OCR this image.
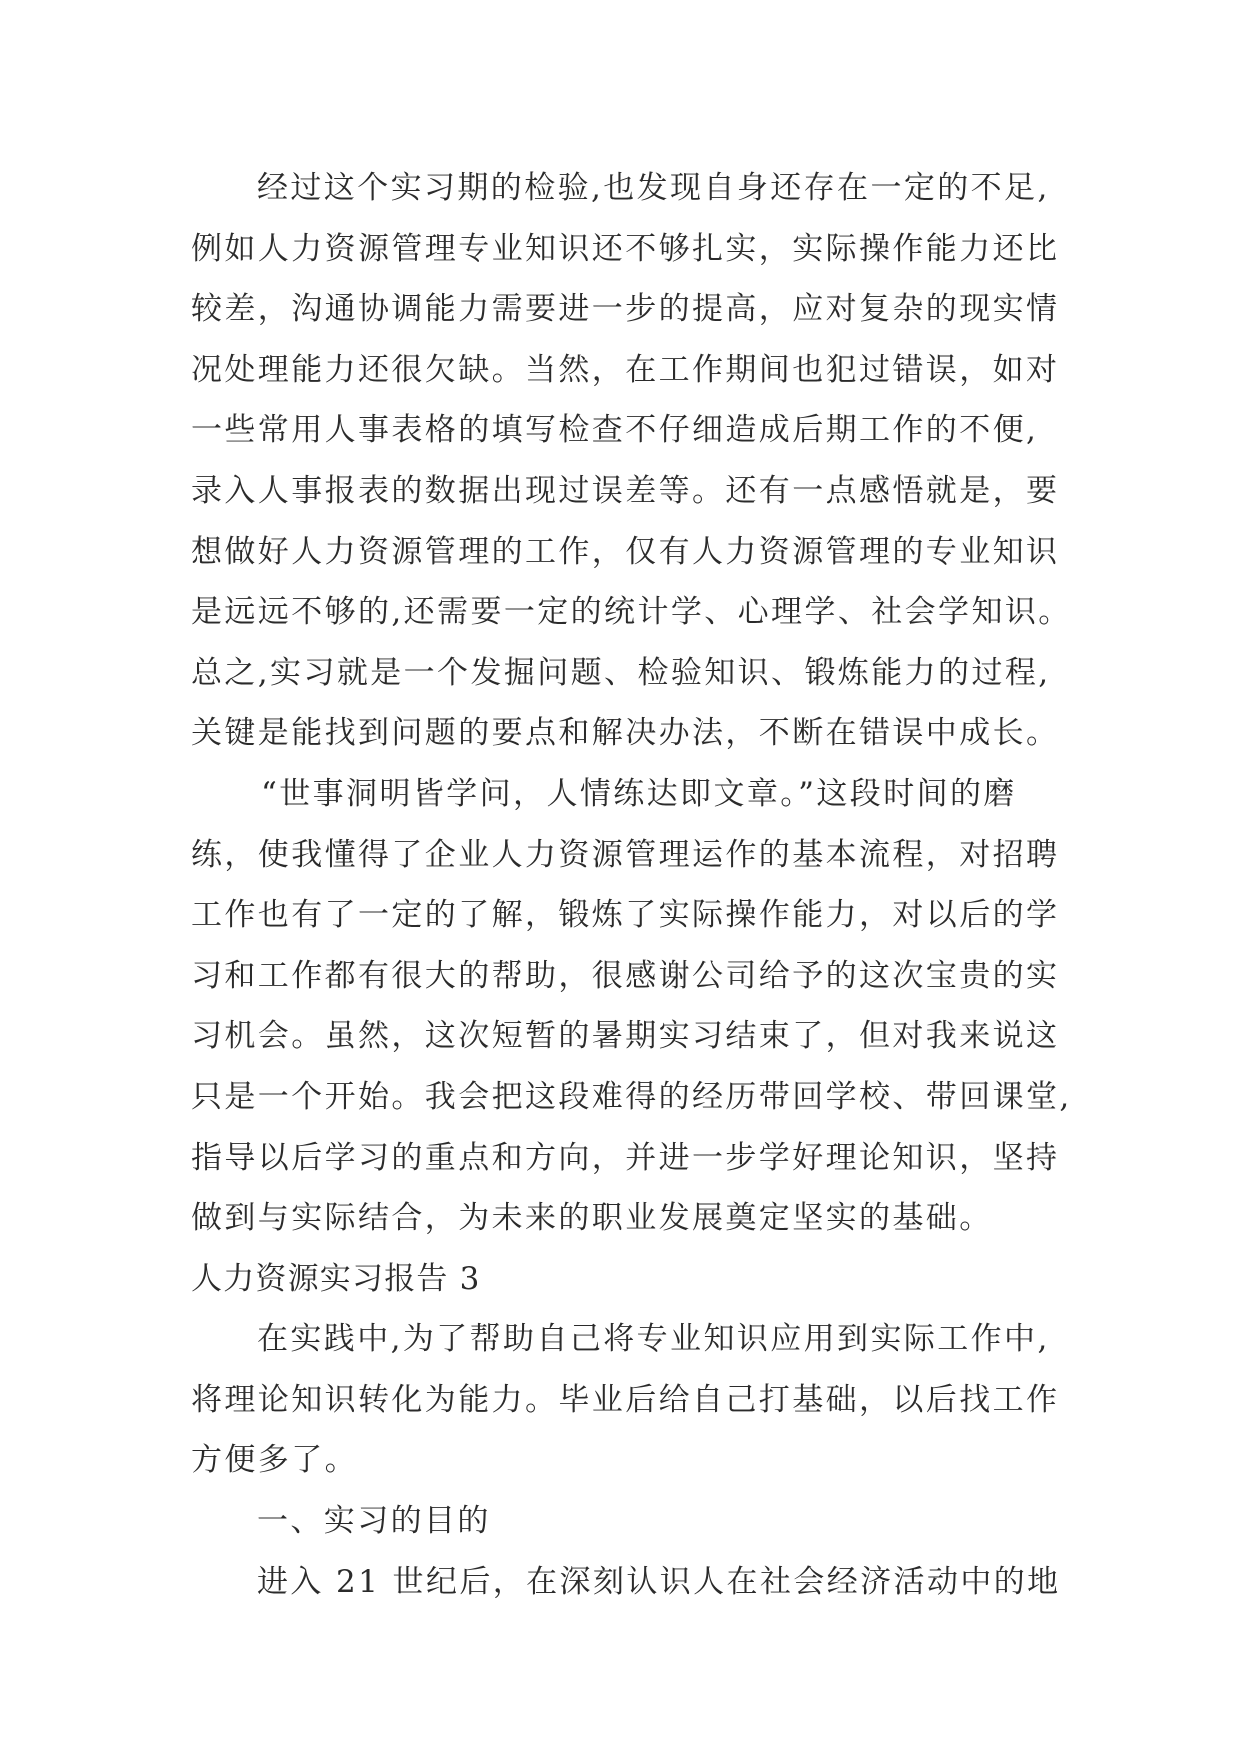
经过这个实习期的检验,也发现自身还存在一定的不足,
例如人力资源管理专业知识还不够扎实，实际操作能力还比
较差，沟通协调能力需要进一步的提高，应对复杂的现实情
况处理能力还很欠缺。当然，在工作期间也犯过错误，如对
一些常用人事表格的填写检查不仔细造成后期工作的不便,
录入人事报表的数据出现过误差等。还有一点感悟就是，要
想做好人力资源管理的工作，仅有人力资源管理的专业知识
是远远不够的,还需要一定的统计学、心理学、社会学知识。
总之,实习就是一个发掘问题、检验知识、锻炼能力的过程,
关键是能找到问题的要点和解决办法，不断在错误中成长。
“世事洞明皆学问，人情练达即文章。”这段时间的磨
练，使我懂得了企业人力资源管理运作的基本流程，对招聘
工作也有了一定的了解，锻炼了实际操作能力，对以后的学
习和工作都有很大的帮助，很感谢公司给予的这次宝贵的实
习机会。虽然，这次短暂的暑期实习结束了，但对我来说这
只是一个开始。我会把这段难得的经历带回学校、带回课堂,
指导以后学习的重点和方向，并进一步学好理论知识，坚持
做到与实际结合，为未来的职业发展奠定坚实的基础。
人力资源实习报告 3
在实践中,为了帮助自己将专业知识应用到实际工作中,
将理论知识转化为能力。毕业后给自己打基础，以后找工作
方便多了。
一、实习的目的
进入 21 世纪后，在深刻认识人在社会经济活动中的地
